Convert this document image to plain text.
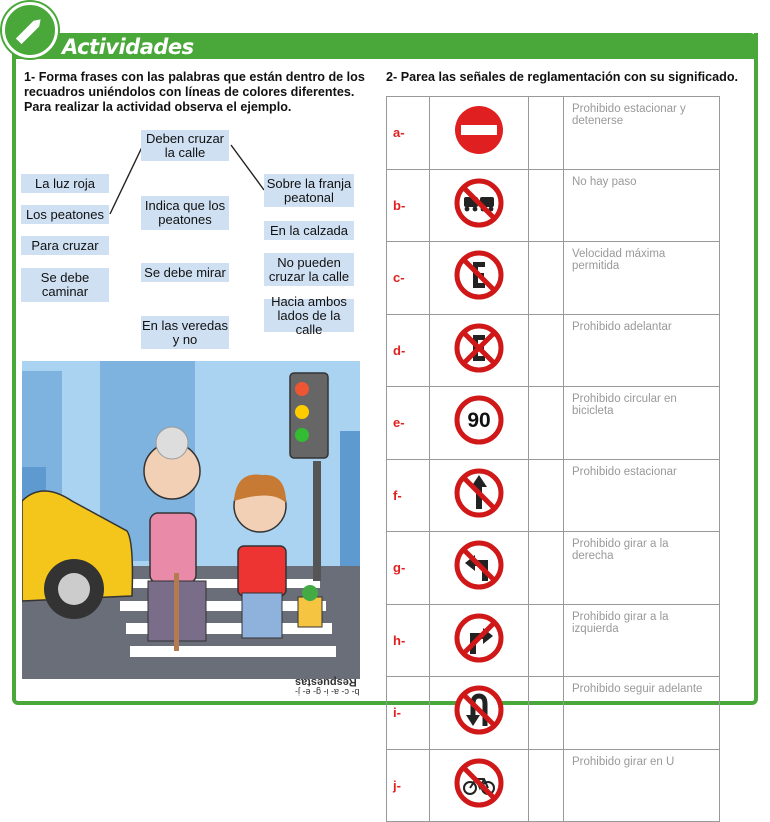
Actividades
1- Forma frases con las palabras que están dentro de los recuadros uniéndolos con líneas de colores diferentes. Para realizar la actividad observa el ejemplo.
La luz roja
Los peatones
Para cruzar
Se debe caminar
Deben cruzar la calle
Indica que los peatones
Se debe mirar
En las veredas y no
Sobre la franja peatonal
En la calzada
No pueden cruzar la calle
Hacia ambos lados de la calle
b- c- a- i- g- e- j-
Respuestas
2- Parea las señales de reglamentación con su significado.
a-			Prohibido estacionar y detenerse
b-			No hay paso
c-			Velocidad máxima permitida
d-			Prohibido adelantar
e-	90		Prohibido circular en bicicleta
f-			Prohibido estacionar
g-			Prohibido girar a la derecha
h-			Prohibido girar a la izquierda
i-			Prohibido seguir adelante
j-			Prohibido girar en U
